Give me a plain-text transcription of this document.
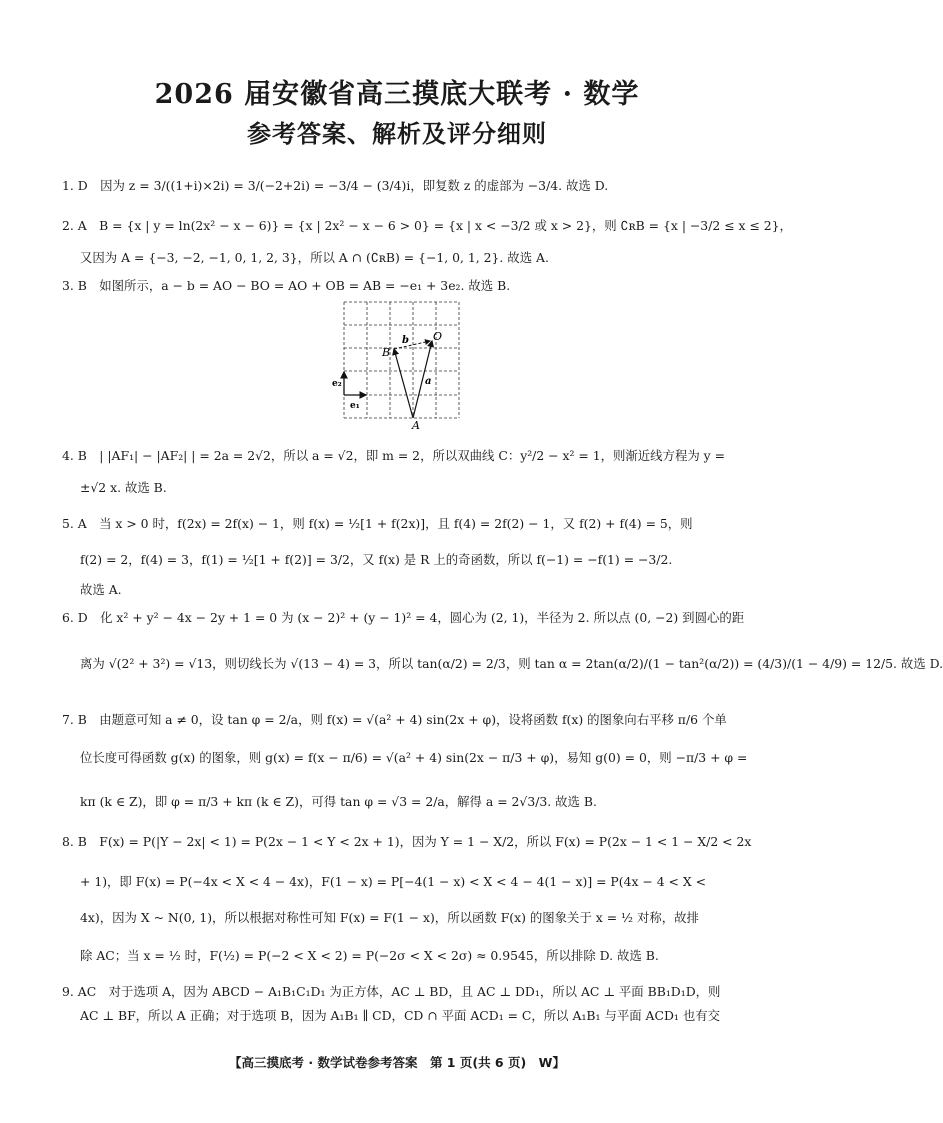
2026 届安徽省高三摸底大联考 · 数学
参考答案、解析及评分细则
1. D　因为 z = 3/((1+i)×2i) = 3/(−2+2i) = −3/4 − (3/4)i，即复数 z 的虚部为 −3/4. 故选 D.
2. A　B = {x | y = ln(2x² − x − 6)} = {x | 2x² − x − 6 > 0} = {x | x < −3/2 或 x > 2}，则 ∁ʀB = {x | −3/2 ≤ x ≤ 2}，
又因为 A = {−3, −2, −1, 0, 1, 2, 3}，所以 A ∩ (∁ʀB) = {−1, 0, 1, 2}. 故选 A.
3. B　如图所示，a − b = AO − BO = AO + OB = AB = −e₁ + 3e₂. 故选 B.
O
B
A
a
b
e₁
e₂
4. B　| |AF₁| − |AF₂| | = 2a = 2√2，所以 a = √2，即 m = 2，所以双曲线 C：y²/2 − x² = 1，则渐近线方程为 y =
±√2 x. 故选 B.
5. A　当 x > 0 时，f(2x) = 2f(x) − 1，则 f(x) = ½[1 + f(2x)]，且 f(4) = 2f(2) − 1，又 f(2) + f(4) = 5，则
f(2) = 2，f(4) = 3，f(1) = ½[1 + f(2)] = 3/2，又 f(x) 是 R 上的奇函数，所以 f(−1) = −f(1) = −3/2.
故选 A.
6. D　化 x² + y² − 4x − 2y + 1 = 0 为 (x − 2)² + (y − 1)² = 4，圆心为 (2, 1)，半径为 2. 所以点 (0, −2) 到圆心的距
离为 √(2² + 3²) = √13，则切线长为 √(13 − 4) = 3，所以 tan(α/2) = 2/3，则 tan α = 2tan(α/2)/(1 − tan²(α/2)) = (4/3)/(1 − 4/9) = 12/5. 故选 D.
7. B　由题意可知 a ≠ 0，设 tan φ = 2/a，则 f(x) = √(a² + 4) sin(2x + φ)，设将函数 f(x) 的图象向右平移 π/6 个单
位长度可得函数 g(x) 的图象，则 g(x) = f(x − π/6) = √(a² + 4) sin(2x − π/3 + φ)，易知 g(0) = 0，则 −π/3 + φ =
kπ (k ∈ Z)，即 φ = π/3 + kπ (k ∈ Z)，可得 tan φ = √3 = 2/a，解得 a = 2√3/3. 故选 B.
8. B　F(x) = P(|Y − 2x| < 1) = P(2x − 1 < Y < 2x + 1)，因为 Y = 1 − X/2，所以 F(x) = P(2x − 1 < 1 − X/2 < 2x
+ 1)，即 F(x) = P(−4x < X < 4 − 4x)，F(1 − x) = P[−4(1 − x) < X < 4 − 4(1 − x)] = P(4x − 4 < X <
4x)，因为 X ~ N(0, 1)，所以根据对称性可知 F(x) = F(1 − x)，所以函数 F(x) 的图象关于 x = ½ 对称，故排
除 AC；当 x = ½ 时，F(½) = P(−2 < X < 2) = P(−2σ < X < 2σ) ≈ 0.9545，所以排除 D. 故选 B.
9. AC　对于选项 A，因为 ABCD − A₁B₁C₁D₁ 为正方体，AC ⊥ BD，且 AC ⊥ DD₁，所以 AC ⊥ 平面 BB₁D₁D，则
AC ⊥ BF，所以 A 正确；对于选项 B，因为 A₁B₁ ∥ CD，CD ∩ 平面 ACD₁ = C，所以 A₁B₁ 与平面 ACD₁ 也有交
【高三摸底考 · 数学试卷参考答案　第 1 页(共 6 页)　W】
